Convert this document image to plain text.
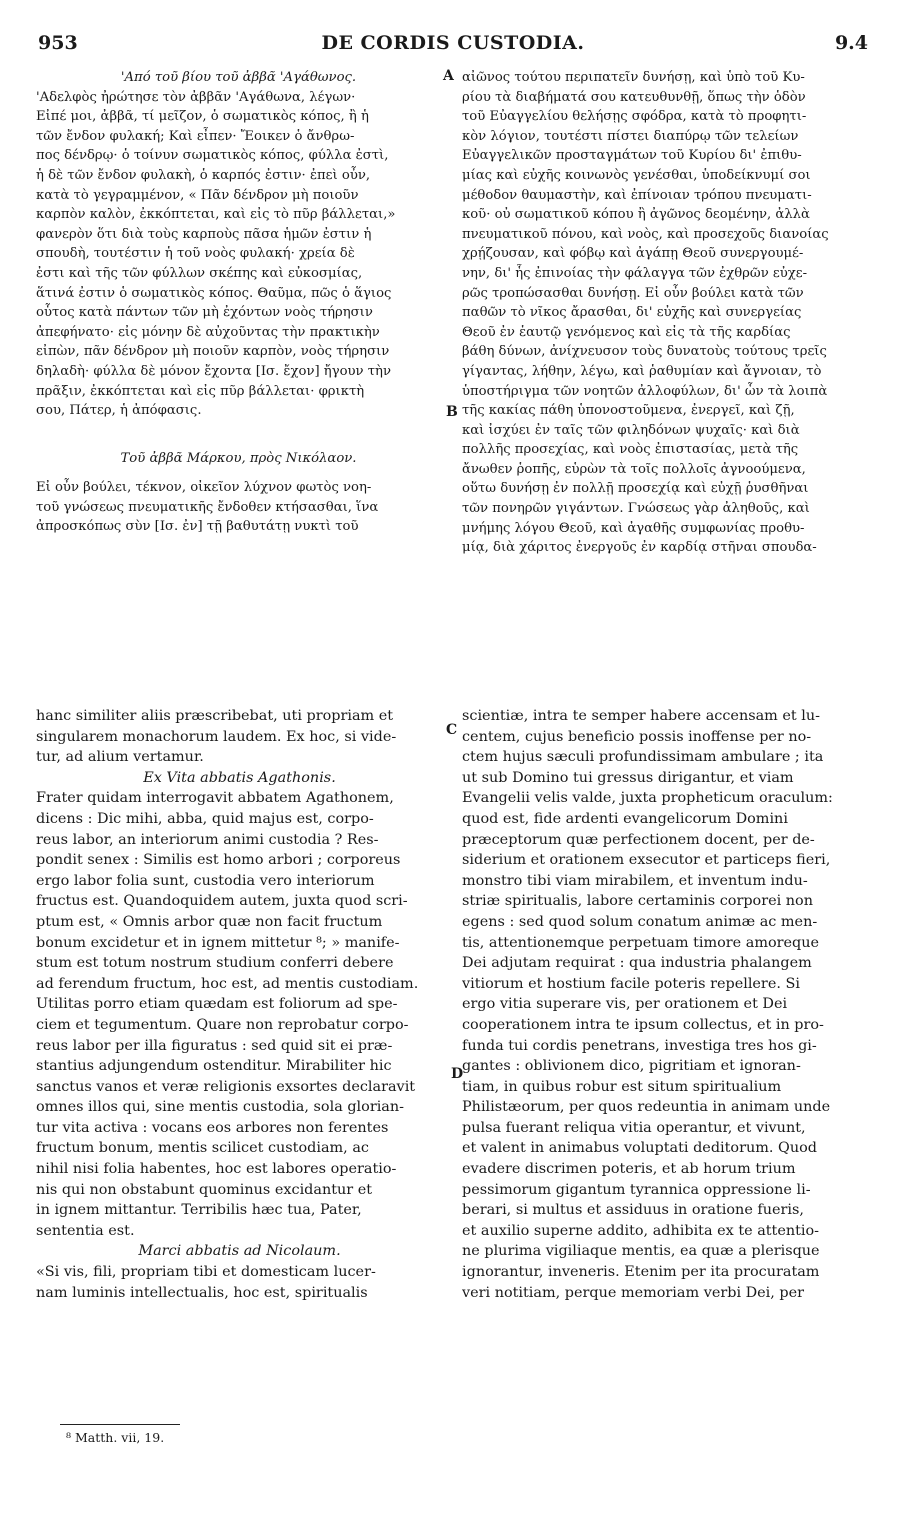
953	DE CORDIS CUSTODIA.	9.4
A
B
C
D
'Από τοῦ βίου τοῦ ἀββᾶ 'Αγάθωνος.
'Αδελφὸς ἠρώτησε τὸν ἀββᾶν 'Αγάθωνα, λέγων·
Εἰπέ μοι, ἀββᾶ, τί μεῖζον, ὁ σωματικὸς κόπος, ἢ ἡ
τῶν ἔνδον φυλακή; Καὶ εἶπεν· Ἔοικεν ὁ ἄνθρω-
πος δένδρῳ· ὁ τοίνυν σωματικὸς κόπος, φύλλα ἐστὶ,
ἡ δὲ τῶν ἔνδον φυλακὴ, ὁ καρπός ἐστιν· ἐπεὶ οὖν,
κατὰ τὸ γεγραμμένον, « Πᾶν δένδρον μὴ ποιοῦν
καρπὸν καλὸν, ἐκκόπτεται, καὶ εἰς τὸ πῦρ βάλλεται,»
φανερὸν ὅτι διὰ τοὺς καρποὺς πᾶσα ἡμῶν ἐστιν ἡ
σπουδὴ, τουτέστιν ἡ τοῦ νοὸς φυλακή· χρεία δὲ
ἐστι καὶ τῆς τῶν φύλλων σκέπης καὶ εὐκοσμίας,
ἅτινά ἐστιν ὁ σωματικὸς κόπος. Θαῦμα, πῶς ὁ ἅγιος
οὗτος κατὰ πάντων τῶν μὴ ἐχόντων νοὸς τήρησιν
ἀπεφήνατο· εἰς μόνην δὲ αὐχοῦντας τὴν πρακτικὴν
εἰπὼν, πᾶν δένδρον μὴ ποιοῦν καρπὸν, νοὸς τήρησιν
δηλαδὴ· φύλλα δὲ μόνον ἔχοντα [Ισ. ἔχον] ἤγουν τὴν
πρᾶξιν, ἐκκόπτεται καὶ εἰς πῦρ βάλλεται· φρικτὴ
σου, Πάτερ, ἡ ἀπόφασις.
Τοῦ ἀββᾶ Μάρκου, πρὸς Νικόλαον.
Εἰ οὖν βούλει, τέκνον, οἰκεῖον λύχνον φωτὸς νοη-
τοῦ γνώσεως πνευματικῆς ἔνδοθεν κτήσασθαι, ἵνα
ἀπροσκόπως σὺν [Ισ. ἐν] τῇ βαθυτάτῃ νυκτὶ τοῦ
αἰῶνος τούτου περιπατεῖν δυνήσῃ, καὶ ὑπὸ τοῦ Κυ-
ρίου τὰ διαβήματά σου κατευθυνθῇ, ὅπως τὴν ὁδὸν
τοῦ Εὐαγγελίου θελήσῃς σφόδρα, κατὰ τὸ προφητι-
κὸν λόγιον, τουτέστι πίστει διαπύρῳ τῶν τελείων
Εὐαγγελικῶν προσταγμάτων τοῦ Κυρίου δι' ἐπιθυ-
μίας καὶ εὐχῆς κοινωνὸς γενέσθαι, ὑποδείκνυμί σοι
μέθοδον θαυμαστὴν, καὶ ἐπίνοιαν τρόπου πνευματι-
κοῦ· οὐ σωματικοῦ κόπου ἢ ἀγῶνος δεομένην, ἀλλὰ
πνευματικοῦ πόνου, καὶ νοὸς, καὶ προσεχοῦς διανοίας
χρῄζουσαν, καὶ φόβῳ καὶ ἀγάπῃ Θεοῦ συνεργουμέ-
νην, δι' ἧς ἐπινοίας τὴν φάλαγγα τῶν ἐχθρῶν εὐχε-
ρῶς τροπώσασθαι δυνήσῃ. Εἰ οὖν βούλει κατὰ τῶν
παθῶν τὸ νῖκος ἄρασθαι, δι' εὐχῆς καὶ συνεργείας
Θεοῦ ἐν ἑαυτῷ γενόμενος καὶ εἰς τὰ τῆς καρδίας
βάθη δύνων, ἀνίχνευσον τοὺς δυνατοὺς τούτους τρεῖς
γίγαντας, λήθην, λέγω, καὶ ῥαθυμίαν καὶ ἄγνοιαν, τὸ
ὑποστήριγμα τῶν νοητῶν ἀλλοφύλων, δι' ὧν τὰ λοιπὰ
τῆς κακίας πάθη ὑπονοστοῦμενα, ἐνεργεῖ, καὶ ζῇ,
καὶ ἰσχύει ἐν ταῖς τῶν φιληδόνων ψυχαῖς· καὶ διὰ
πολλῆς προσεχίας, καὶ νοὸς ἐπιστασίας, μετὰ τῆς
ἄνωθεν ῥοπῆς, εὑρὼν τὰ τοῖς πολλοῖς ἀγνοούμενα,
οὕτω δυνήσῃ ἐν πολλῇ προσεχίᾳ καὶ εὐχῇ ῥυσθῆναι
τῶν πονηρῶν γιγάντων. Γνώσεως γὰρ ἀληθοῦς, καὶ
μνήμης λόγου Θεοῦ, καὶ ἀγαθῆς συμφωνίας προθυ-
μίᾳ, διὰ χάριτος ἐνεργοῦς ἐν καρδίᾳ στῆναι σπουδα-
hanc similiter aliis præscribebat, uti propriam et
singularem monachorum laudem. Ex hoc, si vide-
tur, ad alium vertamur.
Ex Vita abbatis Agathonis.
Frater quidam interrogavit abbatem Agathonem,
dicens : Dic mihi, abba, quid majus est, corpo-
reus labor, an interiorum animi custodia ? Res-
pondit senex : Similis est homo arbori ; corporeus
ergo labor folia sunt, custodia vero interiorum
fructus est. Quandoquidem autem, juxta quod scri-
ptum est, « Omnis arbor quæ non facit fructum
bonum excidetur et in ignem mittetur ⁸; » manife-
stum est totum nostrum studium conferri debere
ad ferendum fructum, hoc est, ad mentis custodiam.
Utilitas porro etiam quædam est foliorum ad spe-
ciem et tegumentum. Quare non reprobatur corpo-
reus labor per illa figuratus : sed quid sit ei præ-
stantius adjungendum ostenditur. Mirabiliter hic
sanctus vanos et veræ religionis exsortes declaravit
omnes illos qui, sine mentis custodia, sola glorian-
tur vita activa : vocans eos arbores non ferentes
fructum bonum, mentis scilicet custodiam, ac
nihil nisi folia habentes, hoc est labores operatio-
nis qui non obstabunt quominus excidantur et
in ignem mittantur. Terribilis hæc tua, Pater,
sententia est.
Marci abbatis ad Nicolaum.
«Si vis, fili, propriam tibi et domesticam lucer-
nam luminis intellectualis, hoc est, spiritualis
scientiæ, intra te semper habere accensam et lu-
centem, cujus beneficio possis inoffense per no-
ctem hujus sæculi profundissimam ambulare ; ita
ut sub Domino tui gressus dirigantur, et viam
Evangelii velis valde, juxta propheticum oraculum:
quod est, fide ardenti evangelicorum Domini
præceptorum quæ perfectionem docent, per de-
siderium et orationem exsecutor et particeps fieri,
monstro tibi viam mirabilem, et inventum indu-
striæ spiritualis, labore certaminis corporei non
egens : sed quod solum conatum animæ ac men-
tis, attentionemque perpetuam timore amoreque
Dei adjutam requirat : qua industria phalangem
vitiorum et hostium facile poteris repellere. Si
ergo vitia superare vis, per orationem et Dei
cooperationem intra te ipsum collectus, et in pro-
funda tui cordis penetrans, investiga tres hos gi-
gantes : oblivionem dico, pigritiam et ignoran-
tiam, in quibus robur est situm spiritualium
Philistæorum, per quos redeuntia in animam unde
pulsa fuerant reliqua vitia operantur, et vivunt,
et valent in animabus voluptati deditorum. Quod
evadere discrimen poteris, et ab horum trium
pessimorum gigantum tyrannica oppressione li-
berari, si multus et assiduus in oratione fueris,
et auxilio superne addito, adhibita ex te attentio-
ne plurima vigiliaque mentis, ea quæ a plerisque
ignorantur, inveneris. Etenim per ita procuratam
veri notitiam, perque memoriam verbi Dei, per
⁸ Matth. vii, 19.
